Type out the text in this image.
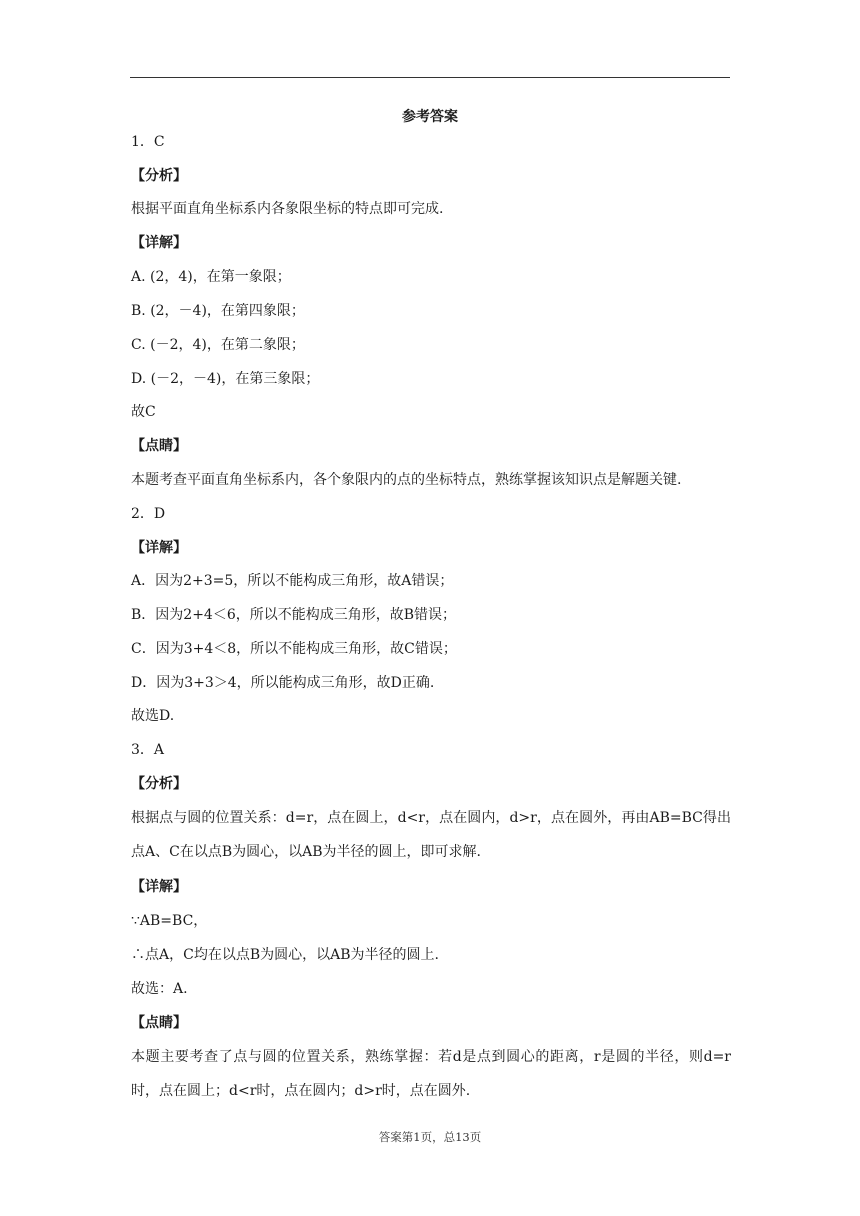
参考答案
1．C
【分析】
根据平面直角坐标系内各象限坐标的特点即可完成.
【详解】
A. (2，4)，在第一象限；
B. (2，－4)，在第四象限；
C. (－2，4)，在第二象限；
D. (－2，－4)，在第三象限；
故C
【点睛】
本题考查平面直角坐标系内，各个象限内的点的坐标特点，熟练掌握该知识点是解题关键.
2．D
【详解】
A．因为2+3=5，所以不能构成三角形，故A错误；
B．因为2+4＜6，所以不能构成三角形，故B错误；
C．因为3+4＜8，所以不能构成三角形，故C错误；
D．因为3+3＞4，所以能构成三角形，故D正确.
故选D.
3．A
【分析】
根据点与圆的位置关系：d=r，点在圆上，d<r，点在圆内，d>r，点在圆外，再由AB=BC得出点A、C在以点B为圆心，以AB为半径的圆上，即可求解.
【详解】
∵AB=BC，
∴点A，C均在以点B为圆心，以AB为半径的圆上.
故选：A.
【点睛】
本题主要考查了点与圆的位置关系，熟练掌握：若d是点到圆心的距离，r是圆的半径，则d=r时，点在圆上；d<r时，点在圆内；d>r时，点在圆外.
答案第1页，总13页
